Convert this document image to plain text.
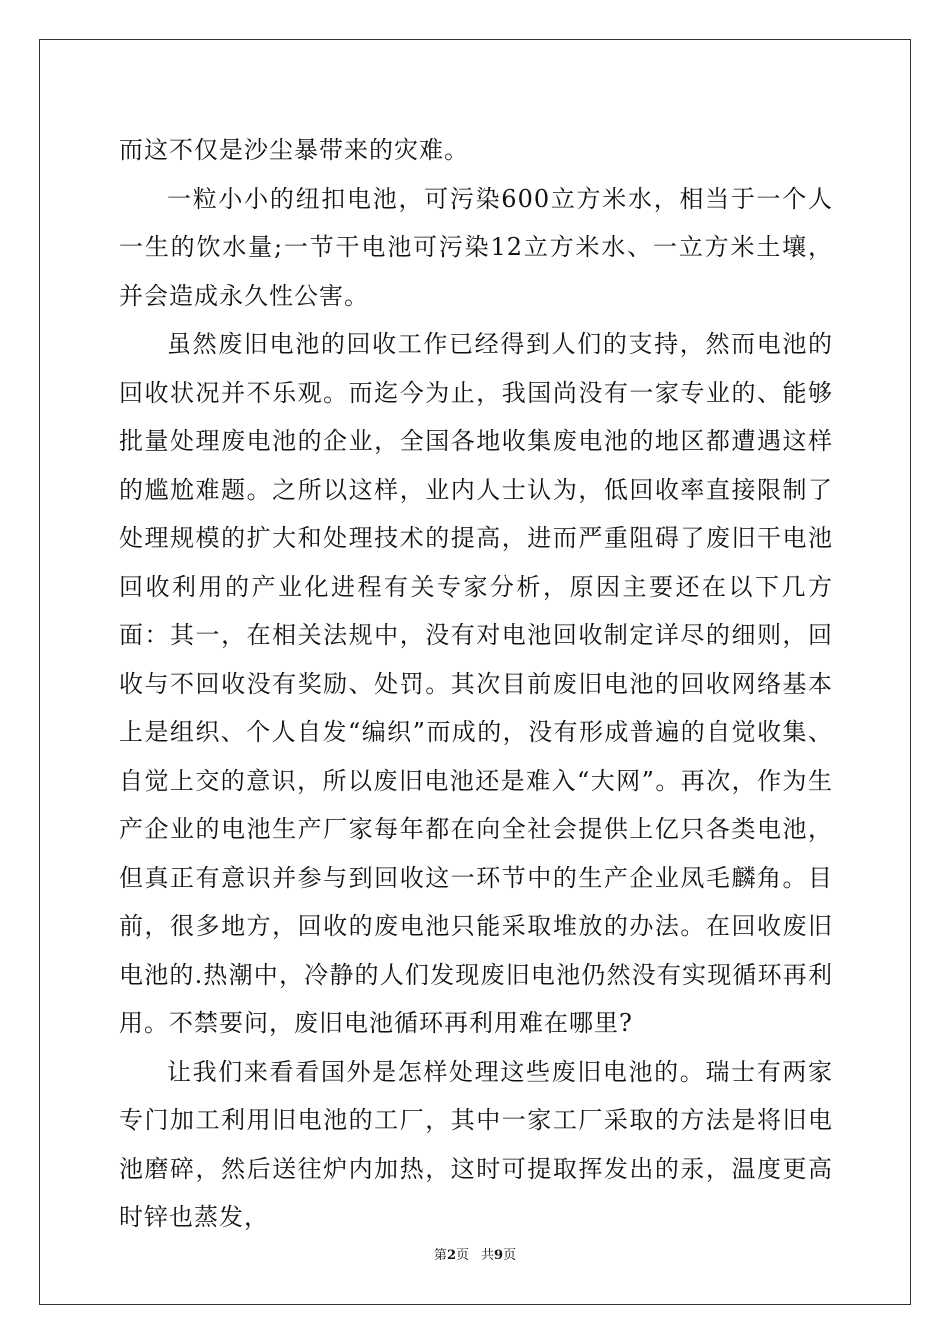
而这不仅是沙尘暴带来的灾难。

一粒小小的纽扣电池，可污染600立方米水，相当于一个人一生的饮水量;一节干电池可污染12立方米水、一立方米土壤，并会造成永久性公害。

虽然废旧电池的回收工作已经得到人们的支持，然而电池的回收状况并不乐观。而迄今为止，我国尚没有一家专业的、能够批量处理废电池的企业，全国各地收集废电池的地区都遭遇这样的尴尬难题。之所以这样，业内人士认为，低回收率直接限制了处理规模的扩大和处理技术的提高，进而严重阻碍了废旧干电池回收利用的产业化进程有关专家分析，原因主要还在以下几方面：其一，在相关法规中，没有对电池回收制定详尽的细则，回收与不回收没有奖励、处罚。其次目前废旧电池的回收网络基本上是组织、个人自发“编织”而成的，没有形成普遍的自觉收集、自觉上交的意识，所以废旧电池还是难入“大网”。再次，作为生产企业的电池生产厂家每年都在向全社会提供上亿只各类电池，但真正有意识并参与到回收这一环节中的生产企业凤毛麟角。目前，很多地方，回收的废电池只能采取堆放的办法。在回收废旧电池的.热潮中，冷静的人们发现废旧电池仍然没有实现循环再利用。不禁要问，废旧电池循环再利用难在哪里?

让我们来看看国外是怎样处理这些废旧电池的。瑞士有两家专门加工利用旧电池的工厂，其中一家工厂采取的方法是将旧电池磨碎，然后送往炉内加热，这时可提取挥发出的汞，温度更高时锌也蒸发，

第2页 共9页
